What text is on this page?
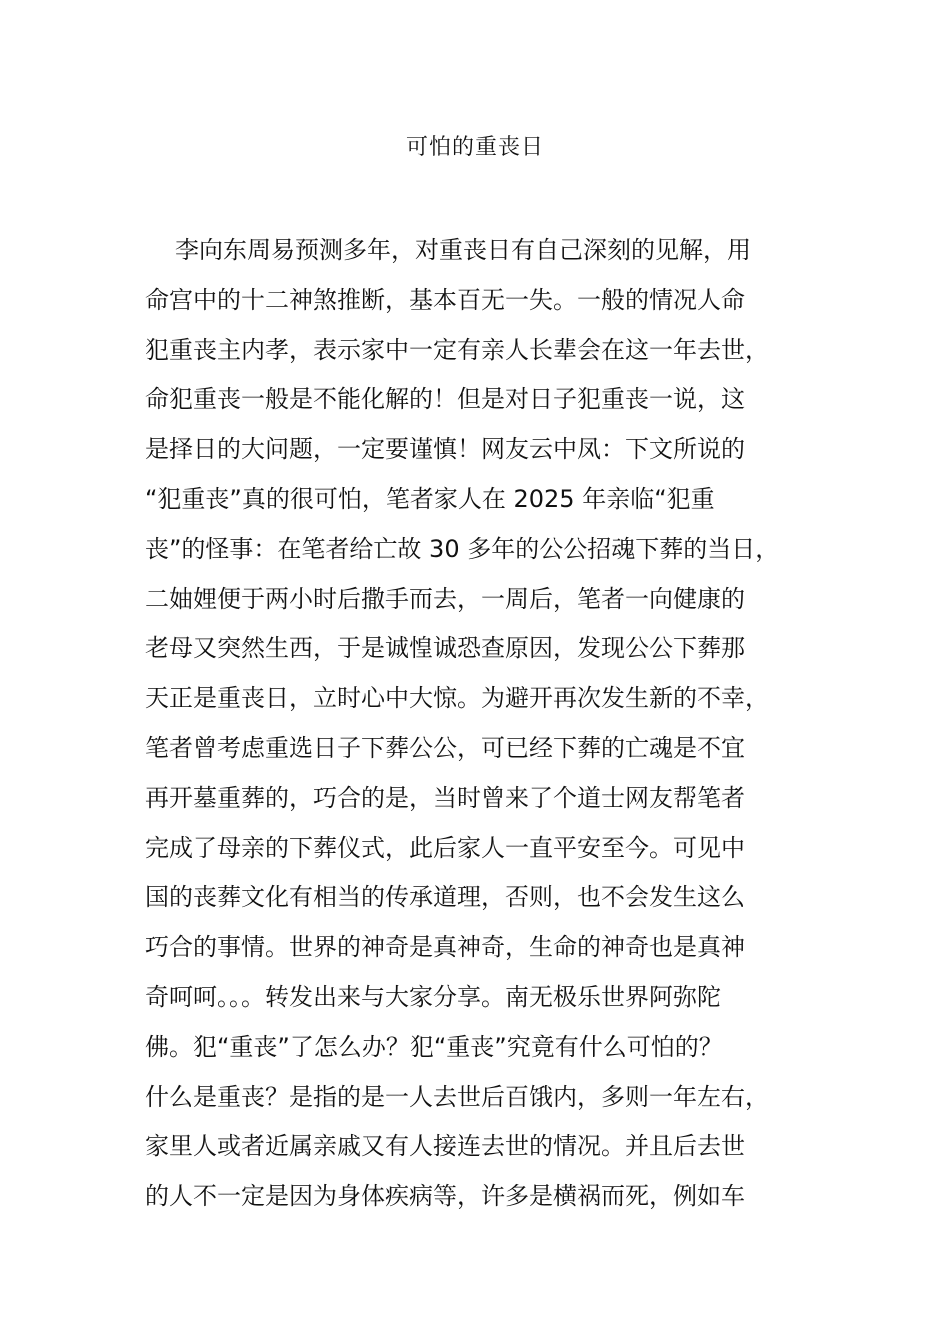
可怕的重丧日
李向东周易预测多年，对重丧日有自己深刻的见解，用
命宫中的十二神煞推断，基本百无一失。一般的情况人命
犯重丧主内孝，表示家中一定有亲人长辈会在这一年去世，
命犯重丧一般是不能化解的！但是对日子犯重丧一说，这
是择日的大问题，一定要谨慎！网友云中凤：下文所说的
“犯重丧”真的很可怕，笔者家人在 2025 年亲临“犯重
丧”的怪事：在笔者给亡故 30 多年的公公招魂下葬的当日，
二妯娌便于两小时后撒手而去，一周后，笔者一向健康的
老母又突然生西，于是诚惶诚恐查原因，发现公公下葬那
天正是重丧日，立时心中大惊。为避开再次发生新的不幸，
笔者曾考虑重选日子下葬公公，可已经下葬的亡魂是不宜
再开墓重葬的，巧合的是，当时曾来了个道士网友帮笔者
完成了母亲的下葬仪式，此后家人一直平安至今。可见中
国的丧葬文化有相当的传承道理，否则，也不会发生这么
巧合的事情。世界的神奇是真神奇，生命的神奇也是真神
奇呵呵。。。转发出来与大家分享。南无极乐世界阿弥陀
佛。犯“重丧”了怎么办？犯“重丧”究竟有什么可怕的？
什么是重丧？是指的是一人去世后百饿内，多则一年左右，
家里人或者近属亲戚又有人接连去世的情况。并且后去世
的人不一定是因为身体疾病等，许多是横祸而死，例如车
